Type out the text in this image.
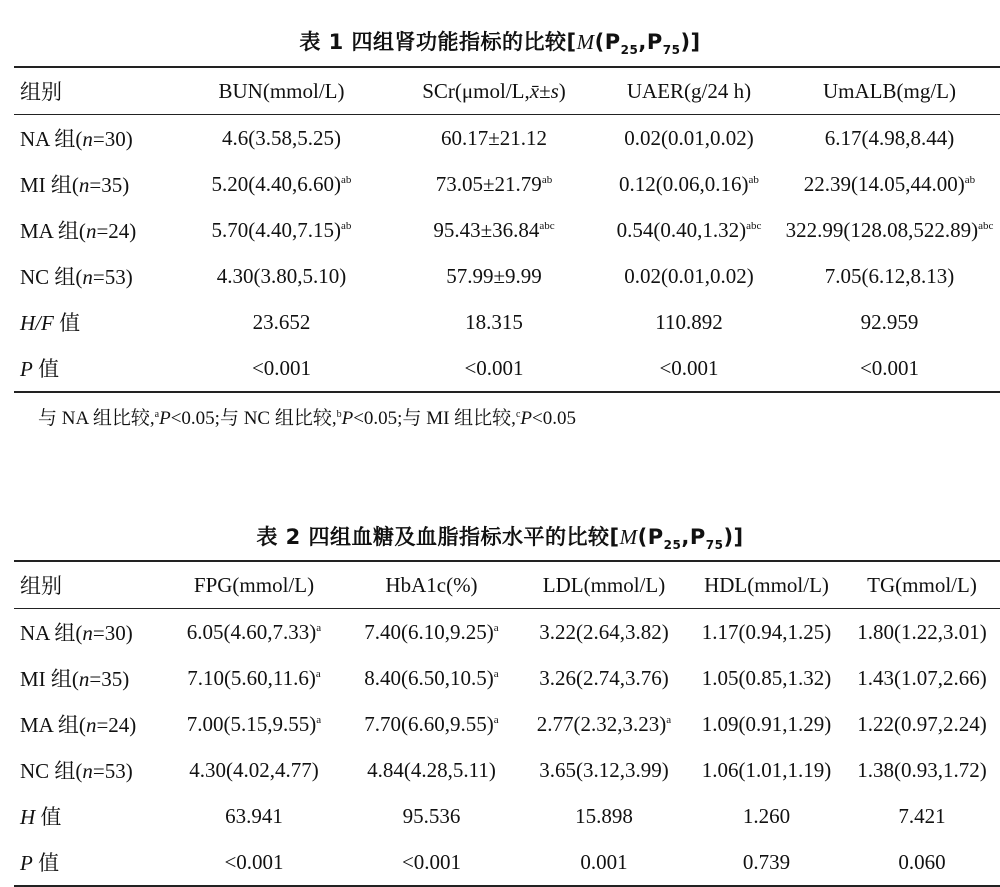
表 1 四组肾功能指标的比较$[M(P_{25},P_{75})]$
组别	BUN(mmol/L)	SCr(μmol/L,x̄±s)	UAER(g/24 h)	UmALB(mg/L)
NA 组(n=30)	4.6(3.58,5.25)	60.17±21.12	0.02(0.01,0.02)	6.17(4.98,8.44)
MI 组(n=35)	$5.20(4.40,6.60)^{ab}$	73.05±21.79$^{ab}$	$0.12(0.06,0.16)^{ab}$	$22.39(14.05,44.00)^{ab}$
MA 组(n=24)	$5.70(4.40,7.15)^{ab}$	95.43±36.84$^{abc}$	$0.54(0.40,1.32)^{abc}$	$322.99(128.08,522.89)^{abc}$
NC 组(n=53)	4.30(3.80,5.10)	57.99±9.99	0.02(0.01,0.02)	7.05(6.12,8.13)
H/F 值	23.652	18.315	110.892	92.959
P 值	<0.001	<0.001	<0.001	<0.001
与 NA 组比较,$^a$P<0.05;与 NC 组比较,$^b$P<0.05;与 MI 组比较,$^c$P<0.05
表 2 四组血糖及血脂指标水平的比较$[M(P_{25},P_{75})]$
组别	FPG(mmol/L)	HbA1c(%)	LDL(mmol/L)	HDL(mmol/L)	TG(mmol/L)
NA 组(n=30)	$6.05(4.60,7.33)^a$	$7.40(6.10,9.25)^a$	3.22(2.64,3.82)	1.17(0.94,1.25)	1.80(1.22,3.01)
MI 组(n=35)	$7.10(5.60,11.6)^a$	$8.40(6.50,10.5)^a$	3.26(2.74,3.76)	1.05(0.85,1.32)	1.43(1.07,2.66)
MA 组(n=24)	$7.00(5.15,9.55)^a$	$7.70(6.60,9.55)^a$	$2.77(2.32,3.23)^a$	1.09(0.91,1.29)	1.22(0.97,2.24)
NC 组(n=53)	4.30(4.02,4.77)	4.84(4.28,5.11)	3.65(3.12,3.99)	1.06(1.01,1.19)	1.38(0.93,1.72)
H 值	63.941	95.536	15.898	1.260	7.421
P 值	<0.001	<0.001	0.001	0.739	0.060
